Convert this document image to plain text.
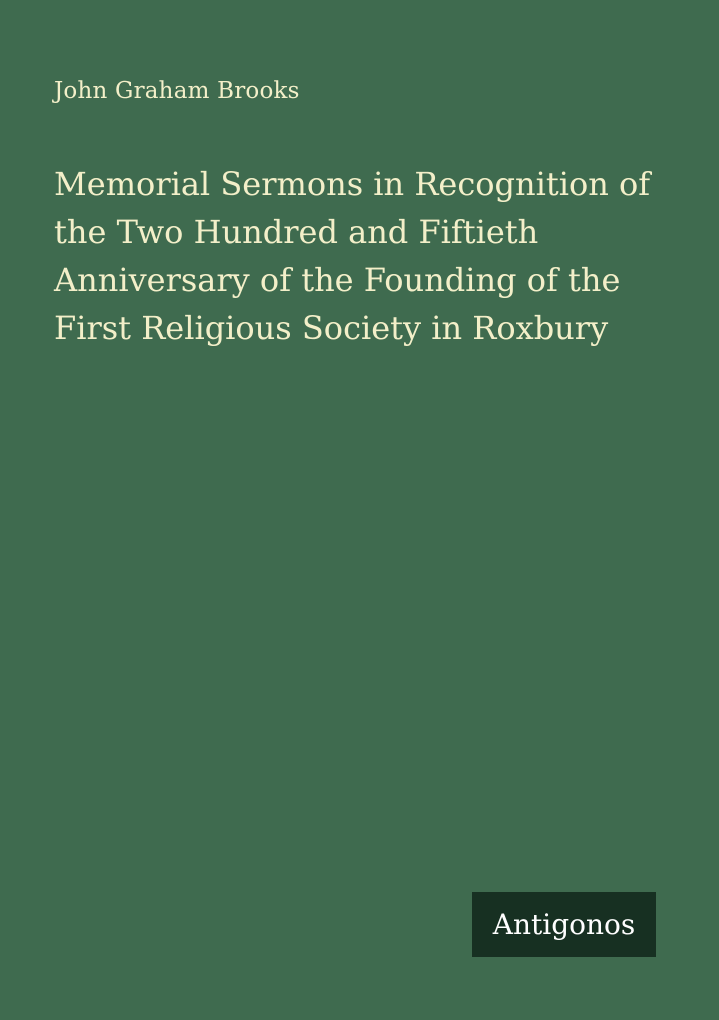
John Graham Brooks

Memorial Sermons in Recognition of
the Two Hundred and Fiftieth
Anniversary of the Founding of the
First Religious Society in Roxbury
Antigonos
